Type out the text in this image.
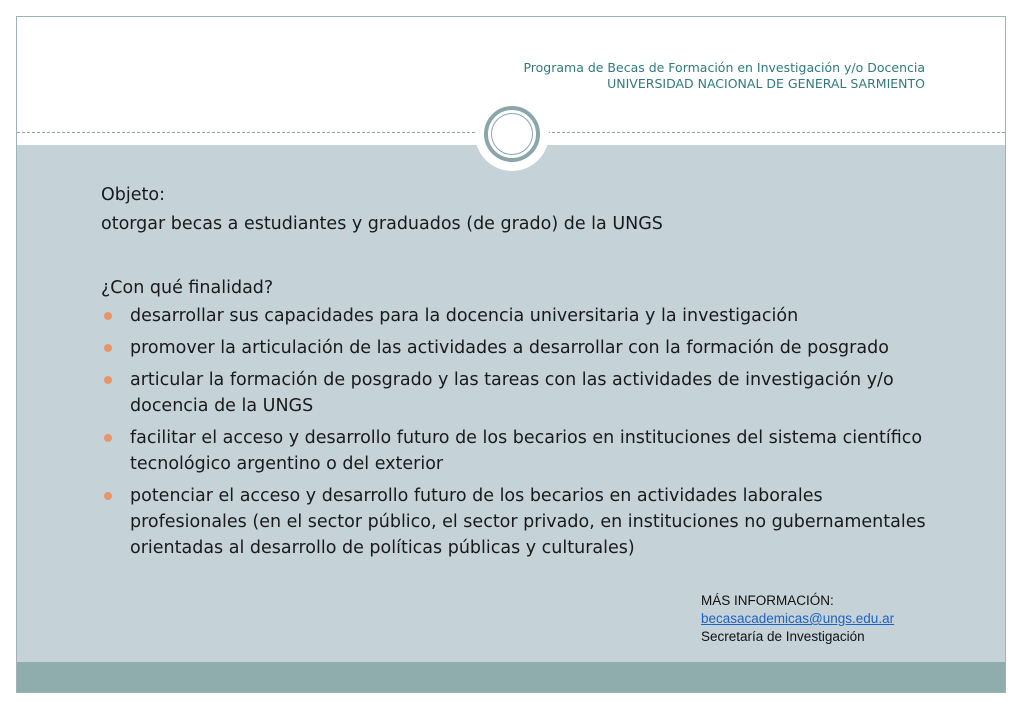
Programa de Becas de Formación en Investigación y/o Docencia
UNIVERSIDAD NACIONAL DE GENERAL SARMIENTO
Objeto:
otorgar becas a estudiantes y graduados (de grado) de la UNGS
¿Con qué finalidad?
desarrollar sus capacidades para la docencia universitaria y la investigación
promover la articulación de las actividades a desarrollar con la formación de posgrado
articular la formación de posgrado y las tareas con las actividades de investigación y/o docencia de la UNGS
facilitar el acceso y desarrollo futuro de los becarios en instituciones del sistema científico tecnológico argentino o del exterior
potenciar el acceso y desarrollo futuro de los becarios en actividades laborales profesionales (en el sector público, el sector privado, en instituciones no gubernamentales orientadas al desarrollo de políticas públicas y culturales)
MÁS INFORMACIÓN:
becasacademicas@ungs.edu.ar
Secretaría de Investigación
